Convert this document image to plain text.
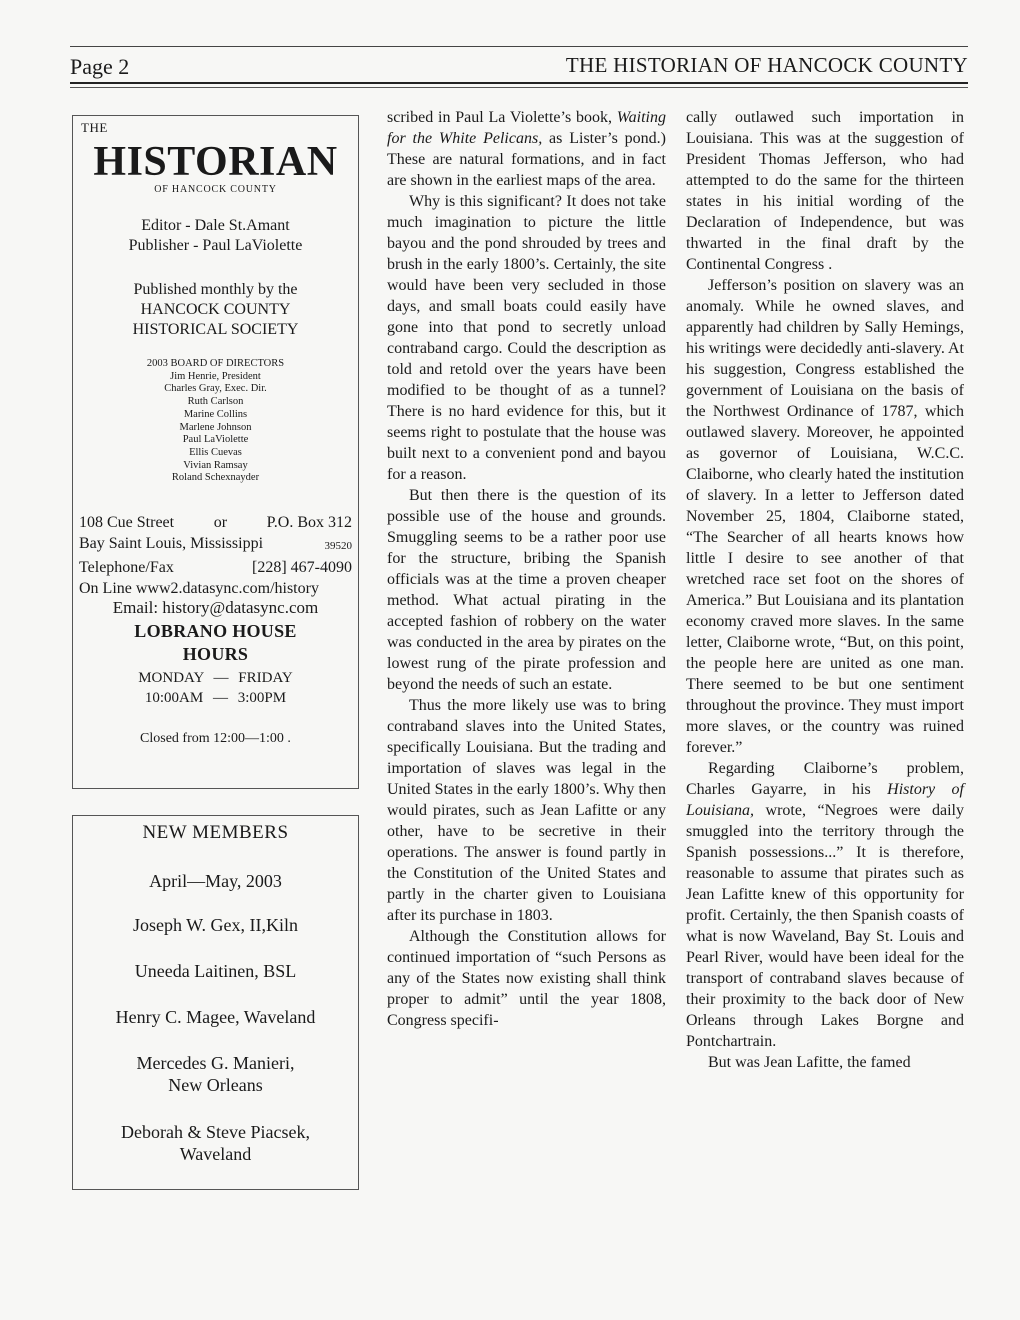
Page 2	THE HISTORIAN OF HANCOCK COUNTY
THE
HISTORIAN
OF HANCOCK COUNTY
Editor - Dale St.Amant
Publisher - Paul LaViolette
Published monthly by the
HANCOCK COUNTY
HISTORICAL SOCIETY
2003 BOARD OF DIRECTORS
Jim Henrie, President
Charles Gray, Exec. Dir.
Ruth Carlson
Marine Collins
Marlene Johnson
Paul LaViolette
Ellis Cuevas
Vivian Ramsay
Roland Schexnayder
108 Cue Street or P.O. Box 312
Bay Saint Louis, Mississippi	39520
Telephone/Fax	[228] 467-4090
On Line www2.datasync.com/history
Email: history@datasync.com
LOBRANO HOUSE
HOURS
MONDAY — FRIDAY
10:00AM — 3:00PM
Closed from 12:00—1:00 .
NEW MEMBERS
April—May, 2003
Joseph W. Gex, II,Kiln
Uneeda Laitinen, BSL
Henry C. Magee, Waveland
Mercedes G. Manieri,
New Orleans
Deborah & Steve Piacsek,
Waveland

scribed in Paul La Violette’s book, Waiting for the White Pelicans, as Lister’s pond.) These are natural formations, and in fact are shown in the earliest maps of the area.

Why is this significant? It does not take much imagination to picture the little bayou and the pond shrouded by trees and brush in the early 1800’s. Certainly, the site would have been very secluded in those days, and small boats could easily have gone into that pond to secretly unload contraband cargo. Could the description as told and retold over the years have been modified to be thought of as a tunnel? There is no hard evidence for this, but it seems right to postulate that the house was built next to a convenient pond and bayou for a reason.

But then there is the question of its possible use of the house and grounds. Smuggling seems to be a rather poor use for the structure, bribing the Spanish officials was at the time a proven cheaper method. What actual pirating in the accepted fashion of robbery on the water was conducted in the area by pirates on the lowest rung of the pirate profession and beyond the needs of such an estate.

Thus the more likely use was to bring contraband slaves into the United States, specifically Louisiana. But the trading and importation of slaves was legal in the United States in the early 1800’s. Why then would pirates, such as Jean Lafitte or any other, have to be secretive in their operations. The answer is found partly in the Constitution of the United States and partly in the charter given to Louisiana after its purchase in 1803.

Although the Constitution allows for continued importation of “such Persons as any of the States now existing shall think proper to admit” until the year 1808, Congress specifi-

cally outlawed such importation in Louisiana. This was at the suggestion of President Thomas Jefferson, who had attempted to do the same for the thirteen states in his initial wording of the Declaration of Independence, but was thwarted in the final draft by the Continental Congress .

Jefferson’s position on slavery was an anomaly. While he owned slaves, and apparently had children by Sally Hemings, his writings were decidedly anti-slavery. At his suggestion, Congress established the government of Louisiana on the basis of the Northwest Ordinance of 1787, which outlawed slavery. Moreover, he appointed as governor of Louisiana, W.C.C. Claiborne, who clearly hated the institution of slavery. In a letter to Jefferson dated November 25, 1804, Claiborne stated, “The Searcher of all hearts knows how little I desire to see another of that wretched race set foot on the shores of America.” But Louisiana and its plantation economy craved more slaves. In the same letter, Claiborne wrote, “But, on this point, the people here are united as one man. There seemed to be but one sentiment throughout the province. They must import more slaves, or the country was ruined forever.”

Regarding Claiborne’s problem, Charles Gayarre, in his History of Louisiana, wrote, “Negroes were daily smuggled into the territory through the Spanish possessions...” It is therefore, reasonable to assume that pirates such as Jean Lafitte knew of this opportunity for profit. Certainly, the then Spanish coasts of what is now Waveland, Bay St. Louis and Pearl River, would have been ideal for the transport of contraband slaves because of their proximity to the back door of New Orleans through Lakes Borgne and Pontchartrain.

But was Jean Lafitte, the famed
